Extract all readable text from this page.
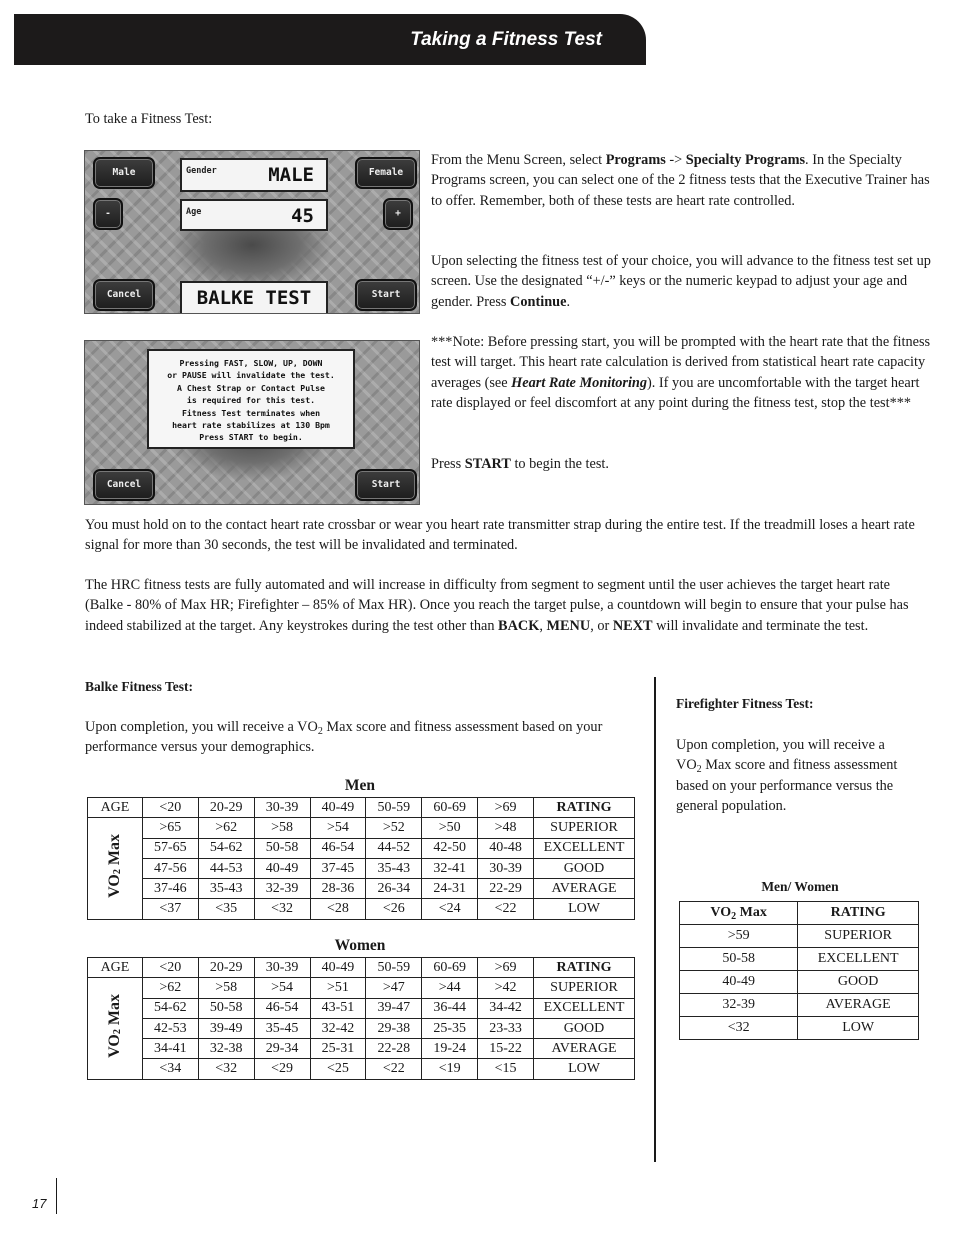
Taking a Fitness Test
To take a Fitness Test:
Male	Gender	MALE	Female
-	Age	45	+
Cancel	BALKE TEST	Start
Pressing FAST, SLOW, UP, DOWN
or PAUSE will invalidate the test.
A Chest Strap or Contact Pulse
is required for this test.
Fitness Test terminates when
heart rate stabilizes at 130 Bpm
Press START to begin.
Cancel	Start
From the Menu Screen, select Programs -> Specialty Programs. In the Specialty Programs screen, you can select one of the 2 fitness tests that the Executive Trainer has to offer. Remember, both of these tests are heart rate controlled.
Upon selecting the fitness test of your choice, you will advance to the fitness test set up screen. Use the designated “+/-” keys or the numeric keypad to adjust your age and gender. Press Continue.
***Note: Before pressing start, you will be prompted with the heart rate that the fitness test will target. This heart rate calculation is derived from statistical heart rate capacity averages (see Heart Rate Monitoring). If you are uncomfortable with the target heart rate displayed or feel discomfort at any point during the fitness test, stop the test***
Press START to begin the test.
You must hold on to the contact heart rate crossbar or wear you heart rate transmitter strap during the entire test. If the treadmill loses a heart rate signal for more than 30 seconds, the test will be invalidated and terminated.
The HRC fitness tests are fully automated and will increase in difficulty from segment to segment until the user achieves the target heart rate (Balke - 80% of Max HR; Firefighter – 85% of Max HR). Once you reach the target pulse, a countdown will begin to ensure that your pulse has indeed stabilized at the target. Any keystrokes during the test other than BACK, MENU, or NEXT will invalidate and terminate the test.
Balke Fitness Test:
Upon completion, you will receive a $VO_2$ Max score and fitness assessment based on your performance versus your demographics.
Men
AGE	<20	20-29	30-39	40-49	50-59	60-69	>69	RATING
$VO_2$ Max	>65	>62	>58	>54	>52	>50	>48	SUPERIOR
	57-65	54-62	50-58	46-54	44-52	42-50	40-48	EXCELLENT
	47-56	44-53	40-49	37-45	35-43	32-41	30-39	GOOD
	37-46	35-43	32-39	28-36	26-34	24-31	22-29	AVERAGE
	<37	<35	<32	<28	<26	<24	<22	LOW
Women
AGE	<20	20-29	30-39	40-49	50-59	60-69	>69	RATING
$VO_2$ Max	>62	>58	>54	>51	>47	>44	>42	SUPERIOR
	54-62	50-58	46-54	43-51	39-47	36-44	34-42	EXCELLENT
	42-53	39-49	35-45	32-42	29-38	25-35	23-33	GOOD
	34-41	32-38	29-34	25-31	22-28	19-24	15-22	AVERAGE
	<34	<32	<29	<25	<22	<19	<15	LOW
Firefighter Fitness Test:
Upon completion, you will receive a
$VO_2$ Max score and fitness assessment
based on your performance versus the
general population.
Men/ Women
$VO_2$ Max	RATING
>59	SUPERIOR
50-58	EXCELLENT
40-49	GOOD
32-39	AVERAGE
<32	LOW
17
